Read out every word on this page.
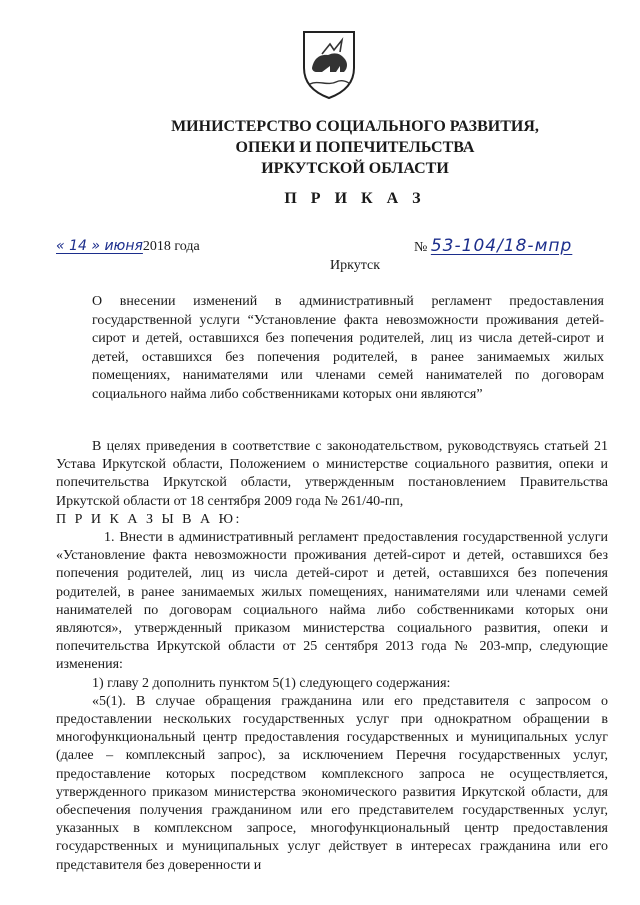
МИНИСТЕРСТВО СОЦИАЛЬНОГО РАЗВИТИЯ,
ОПЕКИ И ПОПЕЧИТЕЛЬСТВА
ИРКУТСКОЙ ОБЛАСТИ
П Р И К А З
« 14 » июня2018 года	№ 53-104/18-мпр
Иркутск
О внесении изменений в административный регламент предоставления государственной услуги “Установление факта невозможности проживания детей-сирот и детей, оставшихся без попечения родителей, лиц из числа детей-сирот и детей, оставшихся без попечения родителей, в ранее занимаемых жилых помещениях, нанимателями или членами семей нанимателей по договорам социального найма либо собственниками которых они являются”

В целях приведения в соответствие с законодательством, руководствуясь статьей 21 Устава Иркутской области, Положением о министерстве социального развития, опеки и попечительства Иркутской области, утвержденным постановлением Правительства Иркутской области от 18 сентября 2009 года № 261/40-пп,

П Р И К А З Ы В А Ю:

1. Внести в административный регламент предоставления государственной услуги «Установление факта невозможности проживания детей-сирот и детей, оставшихся без попечения родителей, лиц из числа детей-сирот и детей, оставшихся без попечения родителей, в ранее занимаемых жилых помещениях, нанимателями или членами семей нанимателей по договорам социального найма либо собственниками которых они являются», утвержденный приказом министерства социального развития, опеки и попечительства Иркутской области от 25 сентября 2013 года № 203-мпр, следующие изменения:

1) главу 2 дополнить пунктом 5(1) следующего содержания:

«5(1). В случае обращения гражданина или его представителя с запросом о предоставлении нескольких государственных услуг при однократном обращении в многофункциональный центр предоставления государственных и муниципальных услуг (далее – комплексный запрос), за исключением Перечня государственных услуг, предоставление которых посредством комплексного запроса не осуществляется, утвержденного приказом министерства экономического развития Иркутской области, для обеспечения получения гражданином или его представителем государственных услуг, указанных в комплексном запросе, многофункциональный центр предоставления государственных и муниципальных услуг действует в интересах гражданина или его представителя без доверенности и
